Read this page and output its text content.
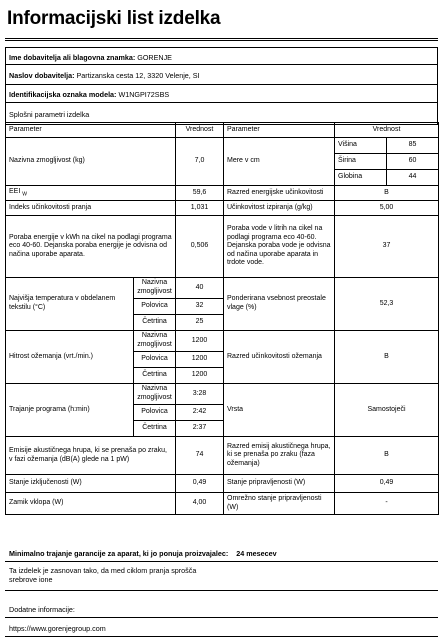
Informacijski list izdelka
Ime dobavitelja ali blagovna znamka: GORENJE
Naslov dobavitelja: Partizanska cesta 12, 3320 Velenje, SI
Identifikacijska oznaka modela: W1NGPI72SBS
Splošni parametri izdelka
Parameter		Vrednost	Parameter	Vrednost	
Nazivna zmogljivost (kg)		7,0	Mere v cm	Višina	85
				Širina	60
				Globina	44
EEI $_W$		59,6	Razred energijske učinkovitosti	B	
Indeks učinkovitosti pranja		1,031	Učinkovitost izpiranja (g/kg)	5,00	
Poraba energije v kWh na cikel na podlagi programa eco 40-60. Dejanska poraba energije je odvisna od načina uporabe aparata.		0,506	Poraba vode v litrih na cikel na podlagi programa eco 40-60. Dejanska poraba vode je odvisna od načina uporabe aparata in trdote vode.	37	
Najvišja temperatura v obdelanem tekstilu (°C)	Nazivna zmogljivost	40	Ponderirana vsebnost preostale vlage (%)	52,3	
	Polovica	32			
	Četrtina	25			
Hitrost ožemanja (vrt./min.)	Nazivna zmogljivost	1200	Razred učinkovitosti ožemanja	B	
	Polovica	1200			
	Četrtina	1200			
Trajanje programa (h:min)	Nazivna zmogljivost	3:28	Vrsta	Samostoječi	
	Polovica	2:42			
	Četrtina	2:37			
Emisije akustičnega hrupa, ki se prenaša po zraku, v fazi ožemanja (dB(A) glede na 1 pW)		74	Razred emisij akustičnega hrupa, ki se prenaša po zraku (faza ožemanja)	B	
Stanje izključenosti (W)		0,49	Stanje pripravljenosti (W)	0,49	
Zamik vklopa (W)		4,00	Omrežno stanje pripravljenosti (W)	-	
Minimalno trajanje garancije za aparat, ki jo ponuja proizvajalec: 24 mesecev
Ta izdelek je zasnovan tako, da med ciklom pranja sprošča srebrove ione
Dodatne informacije:
https://www.gorenjegroup.com
